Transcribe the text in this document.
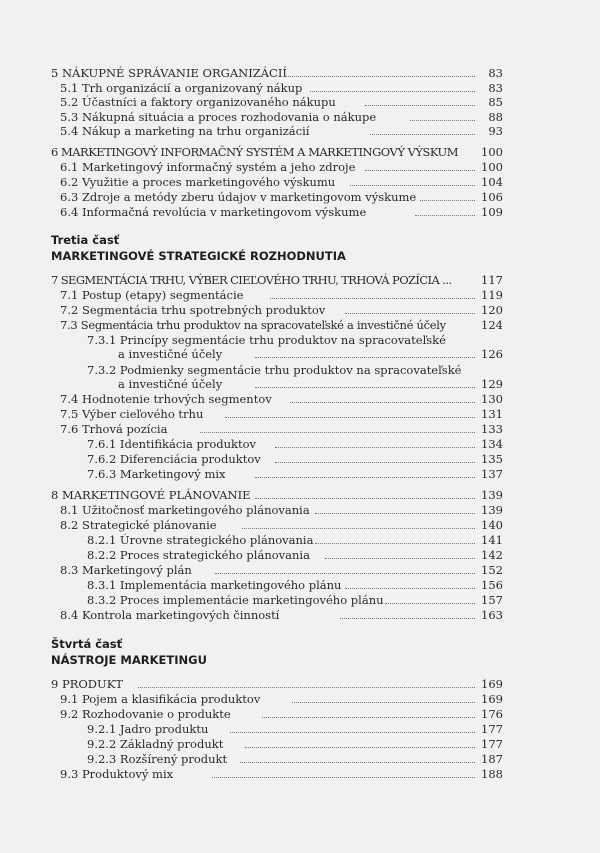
5 NÁKUPNÉ SPRÁVANIE ORGANIZÁCIÍ	83
5.1 Trh organizácií a organizovaný nákup	83
5.2 Účastníci a faktory organizovaného nákupu	85
5.3 Nákupná situácia a proces rozhodovania o nákupe	88
5.4 Nákup a marketing na trhu organizácií	93
6 MARKETINGOVÝ INFORMAČNÝ SYSTÉM A MARKETINGOVÝ VÝSKUM 100
6.1 Marketingový informačný systém a jeho zdroje	100
6.2 Využitie a proces marketingového výskumu	104
6.3 Zdroje a metódy zberu údajov v marketingovom výskume	106
6.4 Informačná revolúcia v marketingovom výskume	109
Tretia časť
MARKETINGOVÉ STRATEGICKÉ ROZHODNUTIA
7 SEGMENTÁCIA TRHU, VÝBER CIEĽOVÉHO TRHU, TRHOVÁ POZÍCIA ...	117
7.1 Postup (etapy) segmentácie	119
7.2 Segmentácia trhu spotrebných produktov	120
7.3 Segmentácia trhu produktov na spracovateľské a investičné účely	124
7.3.1 Princípy segmentácie trhu produktov na spracovateľské
a investičné účely	126
7.3.2 Podmienky segmentácie trhu produktov na spracovateľské
a investičné účely	129
7.4 Hodnotenie trhových segmentov	130
7.5 Výber cieľového trhu	131
7.6 Trhová pozícia	133
7.6.1 Identifikácia produktov	134
7.6.2 Diferenciácia produktov	135
7.6.3 Marketingový mix	137
8 MARKETINGOVÉ PLÁNOVANIE	139
8.1 Užitočnosť marketingového plánovania	139
8.2 Strategické plánovanie	140
8.2.1 Úrovne strategického plánovania	141
8.2.2 Proces strategického plánovania	142
8.3 Marketingový plán	152
8.3.1 Implementácia marketingového plánu	156
8.3.2 Proces implementácie marketingového plánu	157
8.4 Kontrola marketingových činností	163
Štvrtá časť
NÁSTROJE MARKETINGU
9 PRODUKT	169
9.1 Pojem a klasifikácia produktov	169
9.2 Rozhodovanie o produkte	176
9.2.1 Jadro produktu	177
9.2.2 Základný produkt	177
9.2.3 Rozšírený produkt	187
9.3 Produktový mix	188
